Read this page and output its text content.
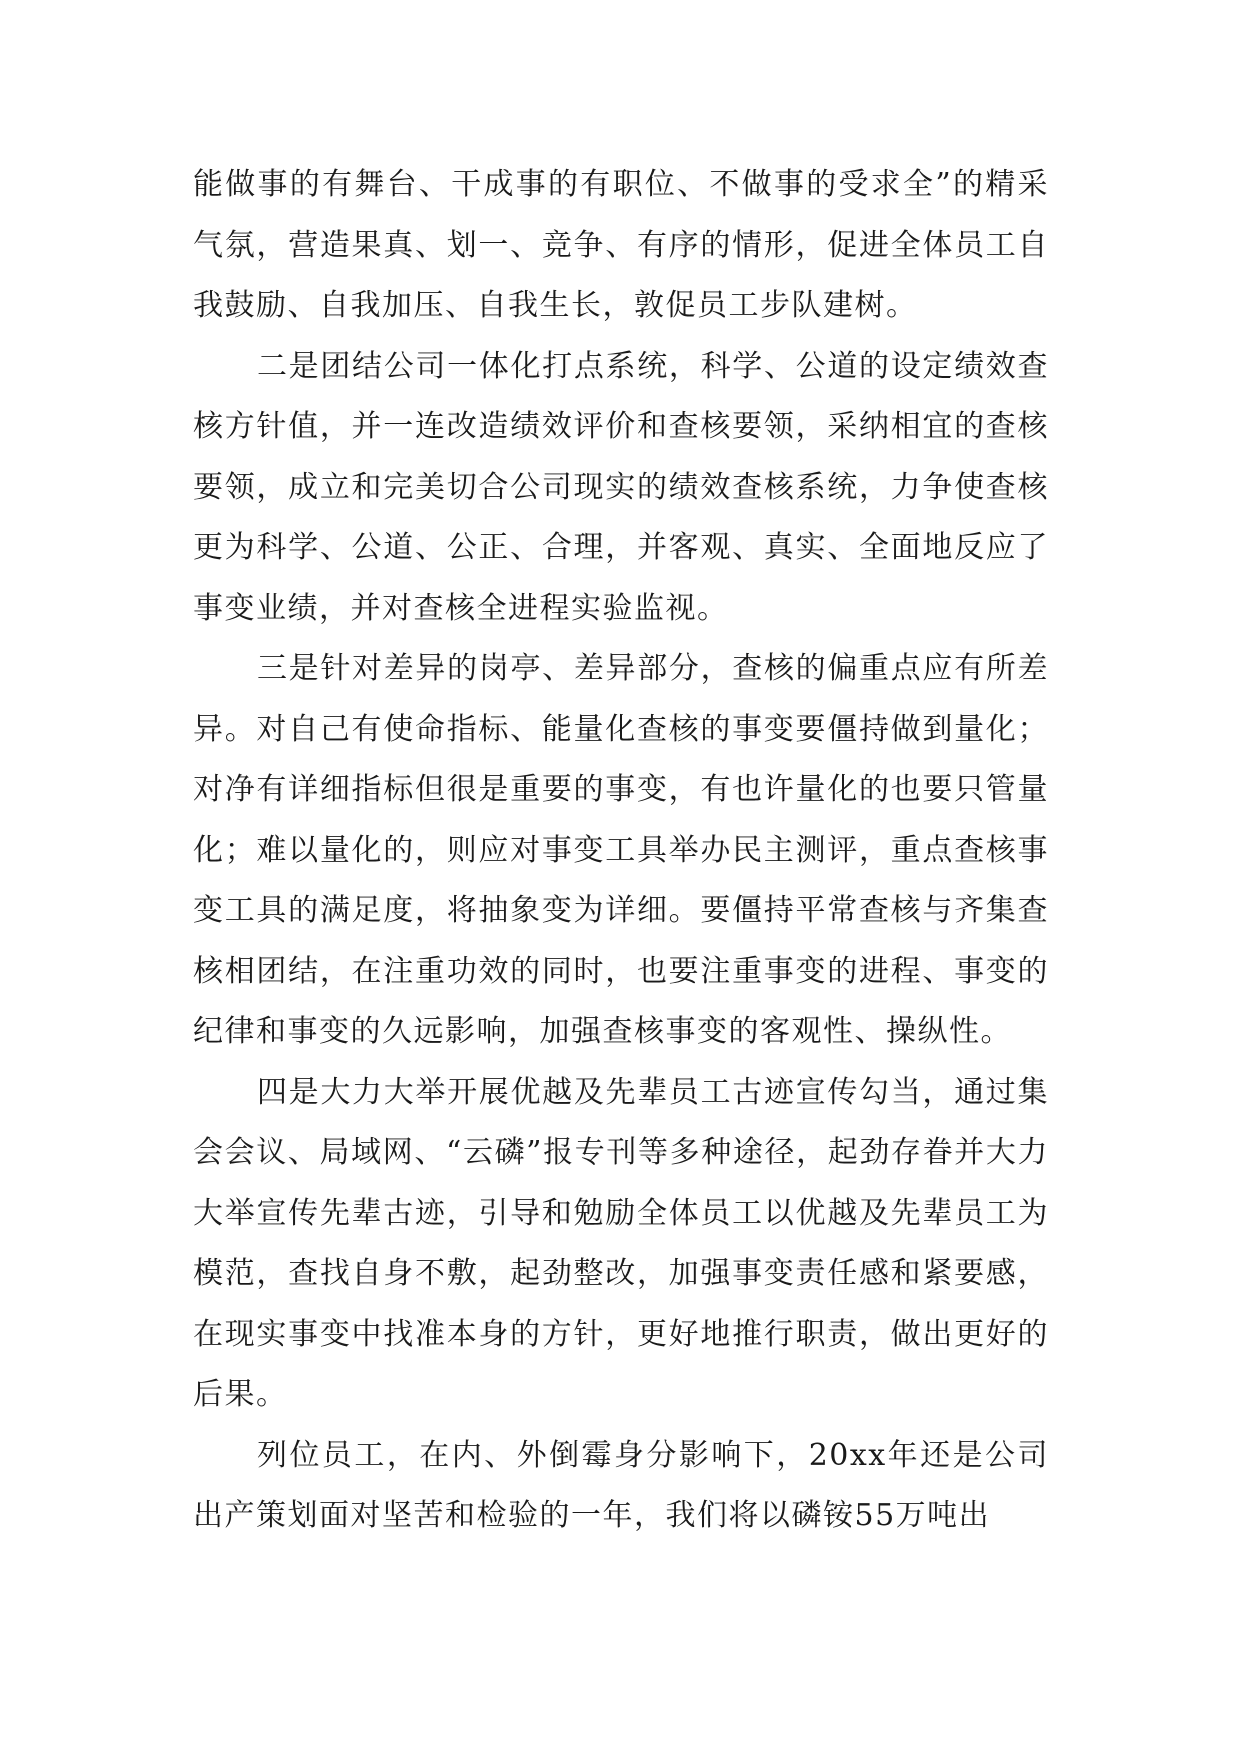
能做事的有舞台、干成事的有职位、不做事的受求全”的精采气氛，营造果真、划一、竞争、有序的情形，促进全体员工自我鼓励、自我加压、自我生长，敦促员工步队建树。

二是团结公司一体化打点系统，科学、公道的设定绩效查核方针值，并一连改造绩效评价和查核要领，采纳相宜的查核要领，成立和完美切合公司现实的绩效查核系统，力争使查核更为科学、公道、公正、合理，并客观、真实、全面地反应了事变业绩，并对查核全进程实验监视。

三是针对差异的岗亭、差异部分，查核的偏重点应有所差异。对自己有使命指标、能量化查核的事变要僵持做到量化；对净有详细指标但很是重要的事变，有也许量化的也要只管量化；难以量化的，则应对事变工具举办民主测评，重点查核事变工具的满足度，将抽象变为详细。要僵持平常查核与齐集查核相团结，在注重功效的同时，也要注重事变的进程、事变的纪律和事变的久远影响，加强查核事变的客观性、操纵性。

四是大力大举开展优越及先辈员工古迹宣传勾当，通过集会会议、局域网、“云磷”报专刊等多种途径，起劲存眷并大力大举宣传先辈古迹，引导和勉励全体员工以优越及先辈员工为模范，查找自身不敷，起劲整改，加强事变责任感和紧要感，在现实事变中找准本身的方针，更好地推行职责，做出更好的后果。

列位员工，在内、外倒霉身分影响下，20xx年还是公司出产策划面对坚苦和检验的一年，我们将以磷铵55万吨出
